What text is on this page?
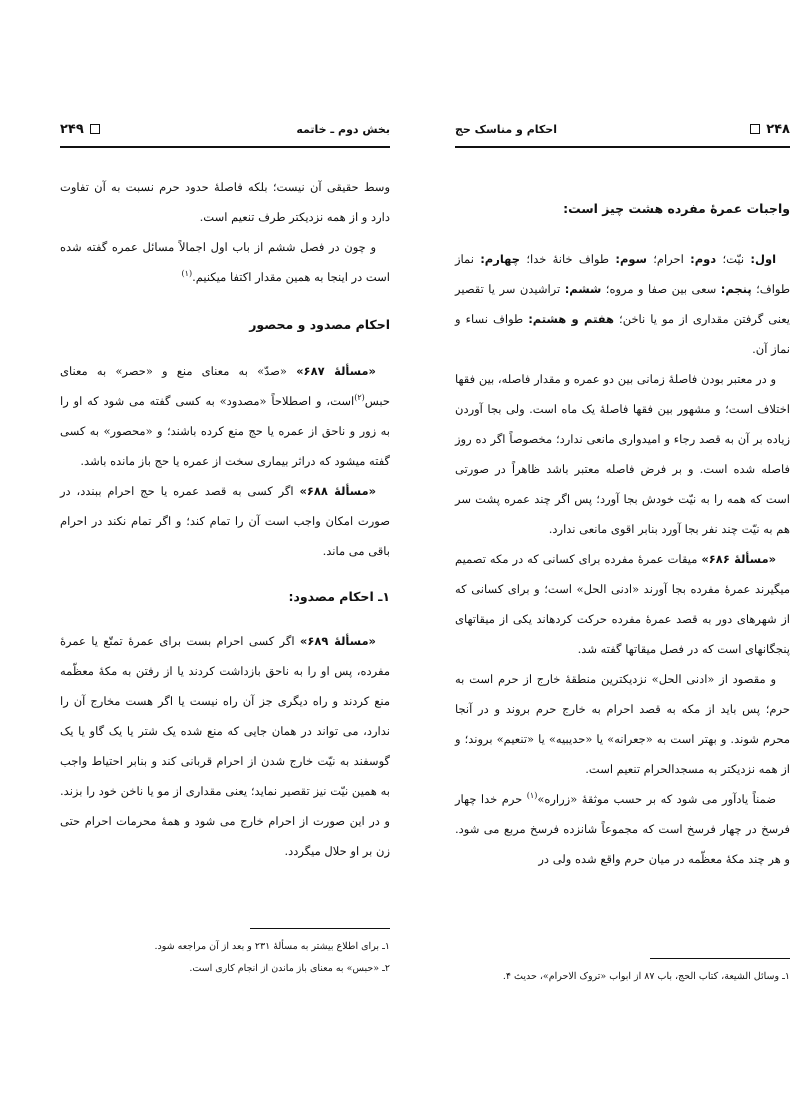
بخش دوم ـ خاتمه
۲۴۹

وسط حقیقی آن نیست؛ بلکه فاصلهٔ حدود حرم نسبت به آن تفاوت دارد و از همه نزدیکتر طرف تنعیم است.

و چون در فصل ششم از باب اول اجمالاً مسائل عمره گفته شده است در اینجا به همین مقدار اکتفا میکنیم.$^{(۱)}$

احکام مصدود و محصور

«مسألهٔ ۶۸۷» «صدّ» به معنای منع و «حصر» به معنای حبس$^{(۲)}$است، و اصطلاحاً «مصدود» به کسی گفته می شود که او را به زور و ناحق از عمره یا حج منع کرده باشند؛ و «محصور» به کسی گفته میشود که دراثر بیماری سخت از عمره یا حج باز مانده باشد.

«مسألهٔ ۶۸۸» اگر کسی به قصد عمره یا حج احرام ببندد، در صورت امکان واجب است آن را تمام کند؛ و اگر تمام نکند در احرام باقی می ماند.

۱ـ احکام مصدود:

«مسألهٔ ۶۸۹» اگر کسی احرام بست برای عمرهٔ تمتّع یا عمرهٔ مفرده، پس او را به ناحق بازداشت کردند یا از رفتن به مکهٔ معظّمه منع کردند و راه دیگری جز آن راه نیست یا اگر هست مخارج آن را ندارد، می تواند در همان جایی که منع شده یک شتر یا یک گاو یا یک گوسفند به نیّت خارج شدن از احرام قربانی کند و بنابر احتیاط واجب به همین نیّت نیز تقصیر نماید؛ یعنی مقداری از مو یا ناخن خود را بزند. و در این صورت از احرام خارج می شود و همهٔ محرمات احرام حتی زن بر او حلال میگردد.

۱ـ برای اطلاع بیشتر به مسألهٔ ۲۳۱ و بعد از آن مراجعه شود.

۲ـ «حبس» به معنای باز ماندن از انجام کاری است.

۲۴۸
احکام و مناسک حج

واجبات عمرهٔ مفرده هشت چیز است:

اول: نیّت؛ دوم: احرام؛ سوم: طواف خانهٔ خدا؛ چهارم: نماز طواف؛ پنجم: سعی بین صفا و مروه؛ ششم: تراشیدن سر یا تقصیر یعنی گرفتن مقداری از مو یا ناخن؛ هفتم و هشتم: طواف نساء و نماز آن.

و در معتبر بودن فاصلهٔ زمانی بین دو عمره و مقدار فاصله، بین فقها اختلاف است؛ و مشهور بین فقها فاصلهٔ یک ماه است. ولی بجا آوردن زیاده بر آن به قصد رجاء و امیدواری مانعی ندارد؛ مخصوصاً اگر ده روز فاصله شده است. و بر فرض فاصله معتبر باشد ظاهراً در صورتی است که همه را به نیّت خودش بجا آورد؛ پس اگر چند عمره پشت سر هم به نیّت چند نفر بجا آورد بنابر اقوی مانعی ندارد.

«مسألهٔ ۶۸۶» میقات عمرهٔ مفرده برای کسانی که در مکه تصمیم میگیرند عمرهٔ مفرده بجا آورند «ادنی الحل» است؛ و برای کسانی که از شهرهای دور به قصد عمرهٔ مفرده حرکت کردهاند یکی از میقاتهای پنجگانهای است که در فصل میقاتها گفته شد.

و مقصود از «ادنی الحل» نزدیکترین منطقهٔ خارج از حرم است به حرم؛ پس باید از مکه به قصد احرام به خارج حرم بروند و در آنجا محرم شوند. و بهتر است به «جعرانه» یا «حدیبیه» یا «تنعیم» بروند؛ و از همه نزدیکتر به مسجدالحرام تنعیم است.

ضمناً یادآور می شود که بر حسب موثقهٔ «زراره»$^{(۱)}$ حرم خدا چهار فرسخ در چهار فرسخ است که مجموعاً شانزده فرسخ مربع می شود. و هر چند مکهٔ معظّمه در میان حرم واقع شده ولی در

۱ـ وسائل الشیعة، کتاب الحج، باب ۸۷ از ابواب «تروک الاحرام»، حدیث ۴.
